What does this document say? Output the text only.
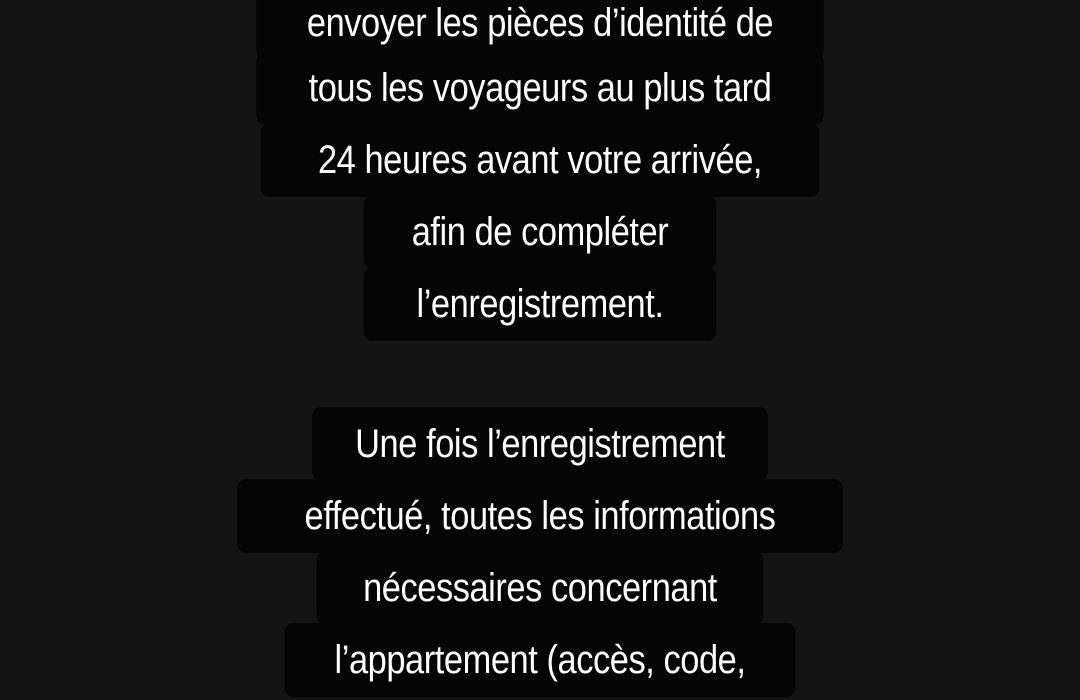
envoyer les pièces d’identité de
tous les voyageurs au plus tard
24 heures avant votre arrivée,
afin de compléter
l’enregistrement.
Une fois l’enregistrement
effectué, toutes les informations
nécessaires concernant
l’appartement (accès, code,
